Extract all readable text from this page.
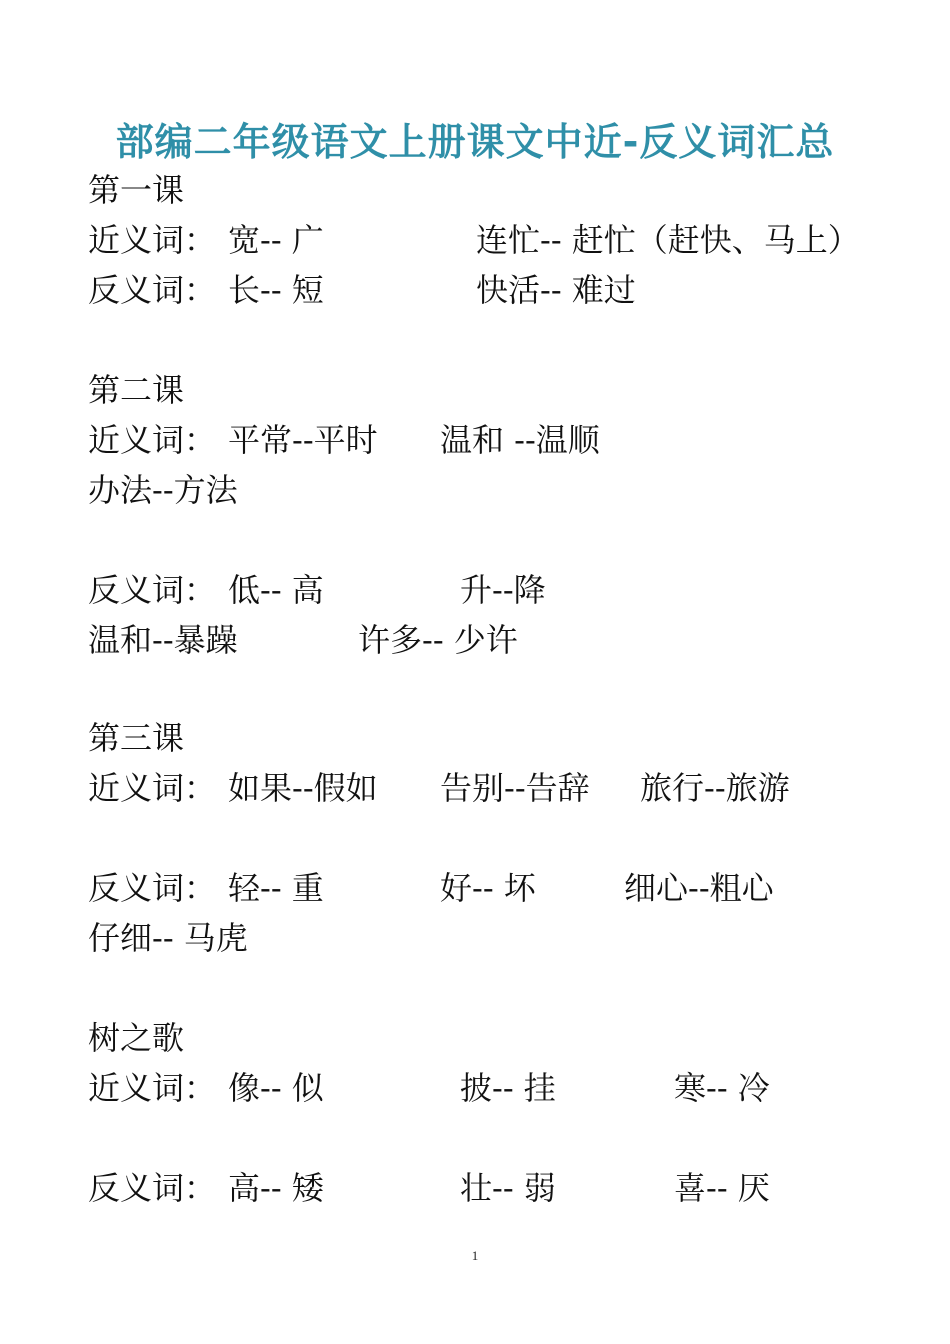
部编二年级语文上册课文中近-反义词汇总
第一课
近义词： 宽-- 广	连忙-- 赶忙（赶快、马上）
反义词： 长-- 短	快活-- 难过
第二课
近义词： 平常--平时 温和 --温顺
办法--方法
反义词： 低-- 高	升--降
温和--暴躁	许多-- 少许
第三课
近义词： 如果--假如 告别--告辞 旅行--旅游
反义词： 轻-- 重	好-- 坏	细心--粗心
仔细-- 马虎
树之歌
近义词： 像-- 似	披-- 挂	寒-- 冷
反义词： 高-- 矮	壮-- 弱	喜-- 厌
1
